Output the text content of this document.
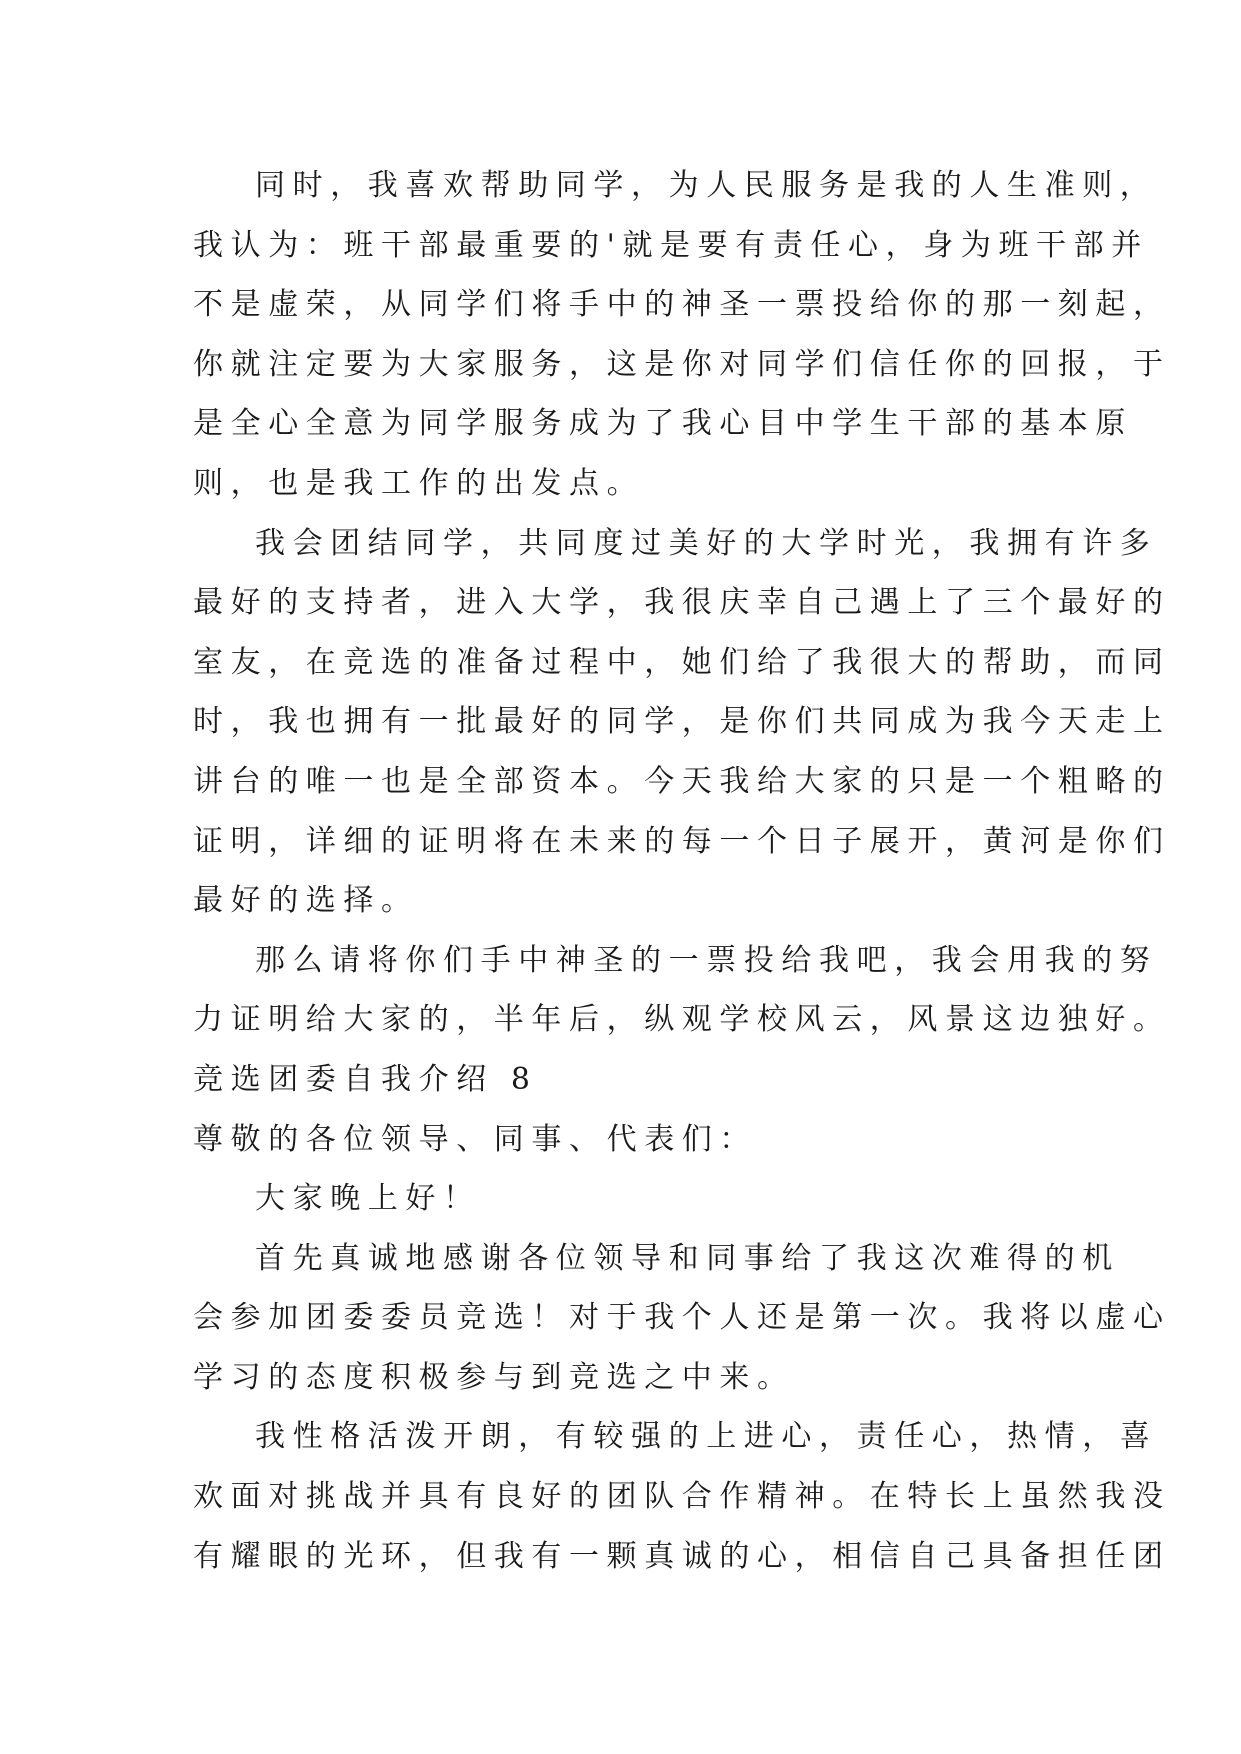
同时，我喜欢帮助同学，为人民服务是我的人生准则，
我认为：班干部最重要的'就是要有责任心，身为班干部并
不是虚荣，从同学们将手中的神圣一票投给你的那一刻起，
你就注定要为大家服务，这是你对同学们信任你的回报，于
是全心全意为同学服务成为了我心目中学生干部的基本原
则，也是我工作的出发点。
我会团结同学，共同度过美好的大学时光，我拥有许多
最好的支持者，进入大学，我很庆幸自己遇上了三个最好的
室友，在竞选的准备过程中，她们给了我很大的帮助，而同
时，我也拥有一批最好的同学，是你们共同成为我今天走上
讲台的唯一也是全部资本。今天我给大家的只是一个粗略的
证明，详细的证明将在未来的每一个日子展开，黄河是你们
最好的选择。
那么请将你们手中神圣的一票投给我吧，我会用我的努
力证明给大家的，半年后，纵观学校风云，风景这边独好。
竞选团委自我介绍 8
尊敬的各位领导、同事、代表们：
大家晚上好！
首先真诚地感谢各位领导和同事给了我这次难得的机
会参加团委委员竞选！对于我个人还是第一次。我将以虚心
学习的态度积极参与到竞选之中来。
我性格活泼开朗，有较强的上进心，责任心，热情，喜
欢面对挑战并具有良好的团队合作精神。在特长上虽然我没
有耀眼的光环，但我有一颗真诚的心，相信自己具备担任团
